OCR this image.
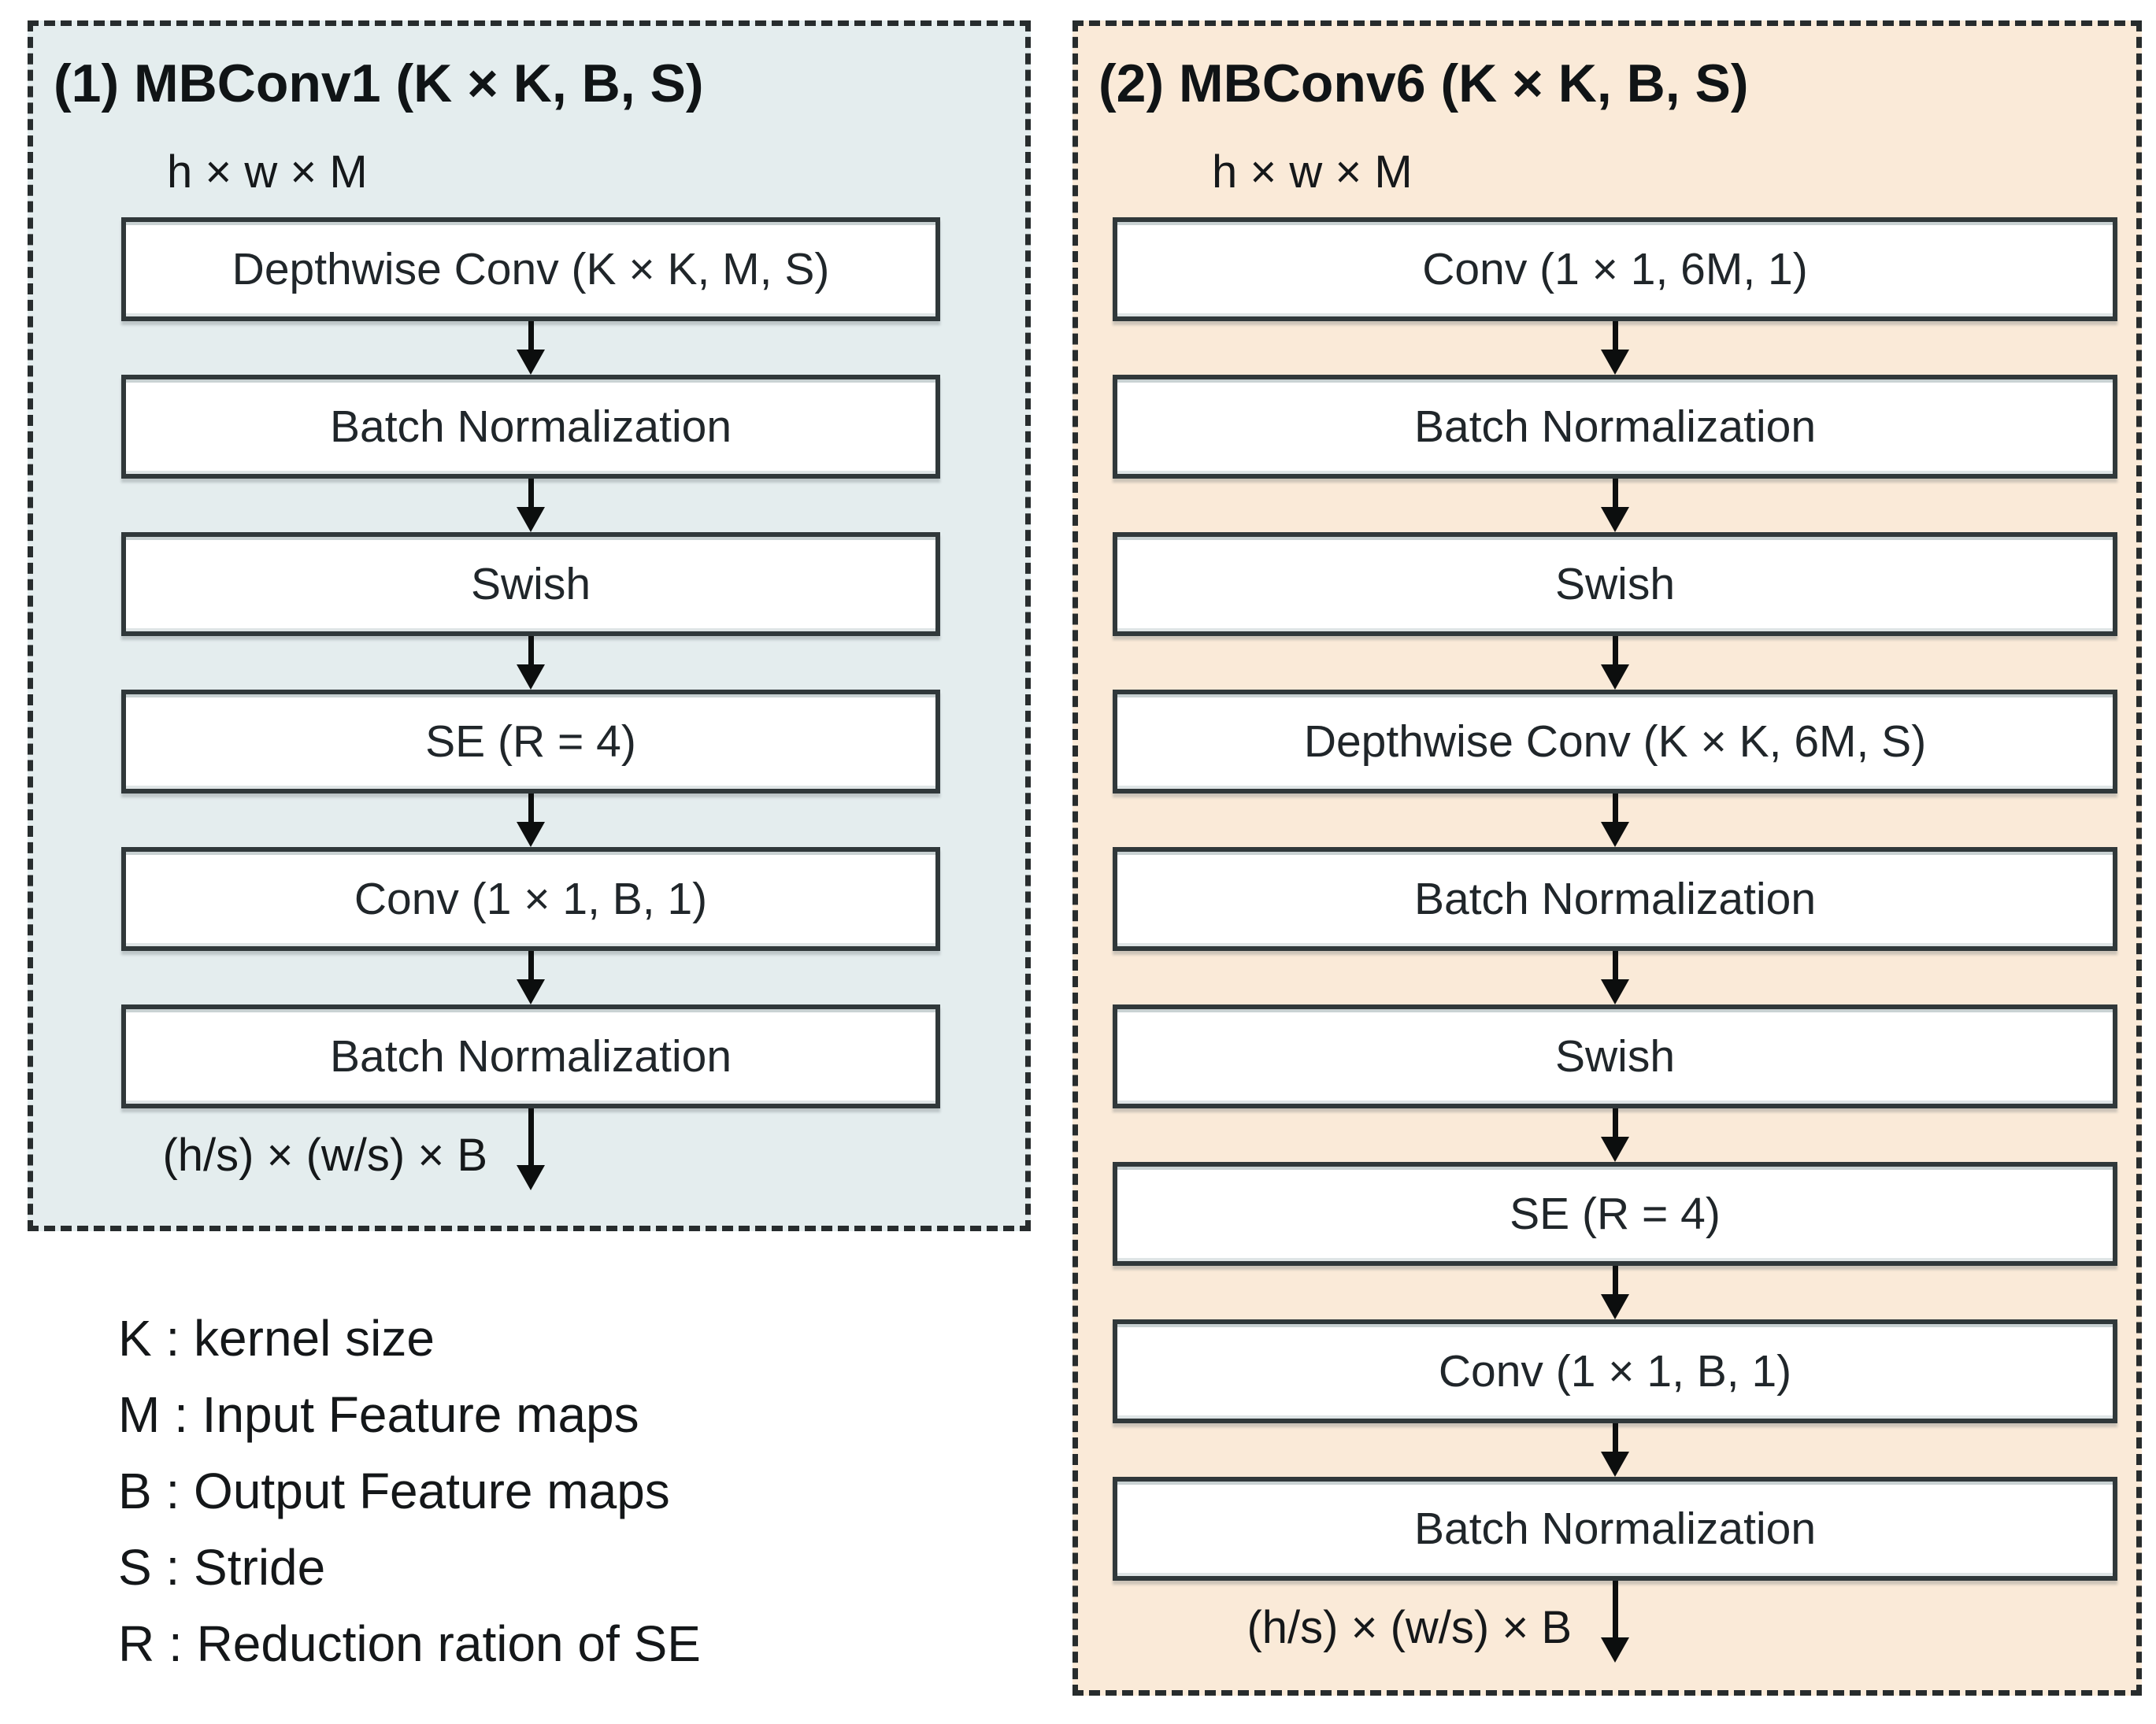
(1) MBConv1 (K × K, B, S)
h × w × M
Depthwise Conv (K × K, M, S)
Batch Normalization
Swish
SE (R = 4)
Conv (1 × 1, B, 1)
Batch Normalization
(h/s) × (w/s) × B
(2) MBConv6 (K × K, B, S)
h × w × M
Conv (1 × 1, 6M, 1)
Batch Normalization
Swish
Depthwise Conv (K × K, 6M, S)
Batch Normalization
Swish
SE (R = 4)
Conv (1 × 1, B, 1)
Batch Normalization
(h/s) × (w/s) × B
K : kernel size
M : Input Feature maps
B : Output Feature maps
S : Stride
R : Reduction ration of SE
